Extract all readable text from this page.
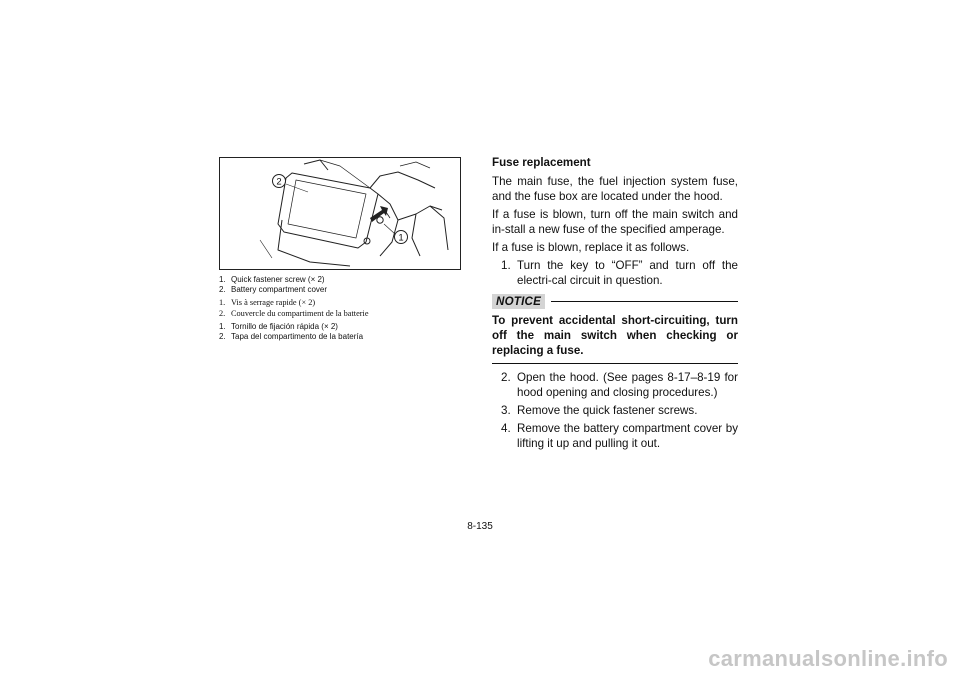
2
1
1. Quick fastener screw (× 2)
2. Battery compartment cover
1. Vis à serrage rapide (× 2)
2. Couvercle du compartiment de la batterie
1. Tornillo de fijación rápida (× 2)
2. Tapa del compartimento de la batería
Fuse replacement

The main fuse, the fuel injection system fuse, and the fuse box are located under the hood.

If a fuse is blown, turn off the main switch and in-stall a new fuse of the specified amperage.

If a fuse is blown, replace it as follows.

1. Turn the key to “OFF” and turn off the electri-cal circuit in question.

NOTICE

To prevent accidental short-circuiting, turn off the main switch when checking or replacing a fuse.

2. Open the hood. (See pages 8-17–8-19 for hood opening and closing procedures.)

3. Remove the quick fastener screws.

4. Remove the battery compartment cover by lifting it up and pulling it out.

8-135
carmanualsonline.info
